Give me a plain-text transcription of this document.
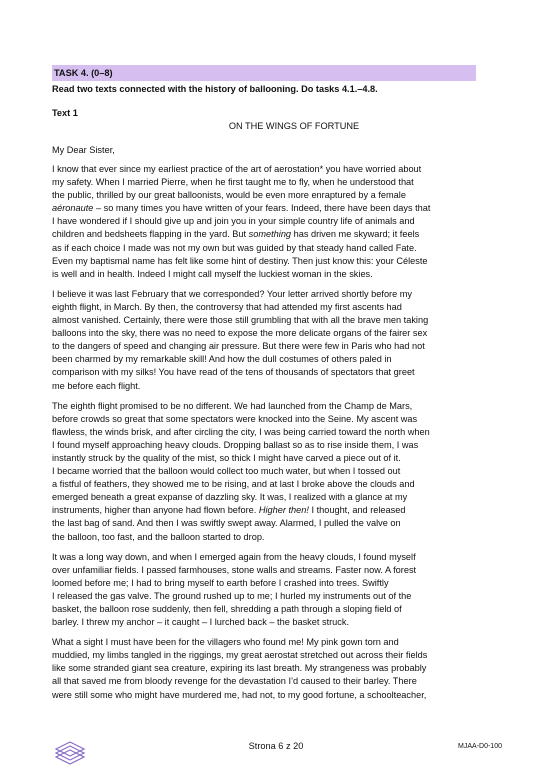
TASK 4. (0–8)
Read two texts connected with the history of ballooning. Do tasks 4.1.–4.8.
Text 1
ON THE WINGS OF FORTUNE
My Dear Sister,
I know that ever since my earliest practice of the art of aerostation* you have worried about
my safety. When I married Pierre, when he first taught me to fly, when he understood that
the public, thrilled by our great balloonists, would be even more enraptured by a female
aéronaute – so many times you have written of your fears. Indeed, there have been days that
I have wondered if I should give up and join you in your simple country life of animals and
children and bedsheets flapping in the yard. But something has driven me skyward; it feels
as if each choice I made was not my own but was guided by that steady hand called Fate.
Even my baptismal name has felt like some hint of destiny. Then just know this: your Céleste
is well and in health. Indeed I might call myself the luckiest woman in the skies.
I believe it was last February that we corresponded? Your letter arrived shortly before my
eighth flight, in March. By then, the controversy that had attended my first ascents had
almost vanished. Certainly, there were those still grumbling that with all the brave men taking
balloons into the sky, there was no need to expose the more delicate organs of the fairer sex
to the dangers of speed and changing air pressure. But there were few in Paris who had not
been charmed by my remarkable skill! And how the dull costumes of others paled in
comparison with my silks! You have read of the tens of thousands of spectators that greet
me before each flight.
The eighth flight promised to be no different. We had launched from the Champ de Mars,
before crowds so great that some spectators were knocked into the Seine. My ascent was
flawless, the winds brisk, and after circling the city, I was being carried toward the north when
I found myself approaching heavy clouds. Dropping ballast so as to rise inside them, I was
instantly struck by the quality of the mist, so thick I might have carved a piece out of it.
I became worried that the balloon would collect too much water, but when I tossed out
a fistful of feathers, they showed me to be rising, and at last I broke above the clouds and
emerged beneath a great expanse of dazzling sky. It was, I realized with a glance at my
instruments, higher than anyone had flown before. Higher then! I thought, and released
the last bag of sand. And then I was swiftly swept away. Alarmed, I pulled the valve on
the balloon, too fast, and the balloon started to drop.
It was a long way down, and when I emerged again from the heavy clouds, I found myself
over unfamiliar fields. I passed farmhouses, stone walls and streams. Faster now. A forest
loomed before me; I had to bring myself to earth before I crashed into trees. Swiftly
I released the gas valve. The ground rushed up to me; I hurled my instruments out of the
basket, the balloon rose suddenly, then fell, shredding a path through a sloping field of
barley. I threw my anchor – it caught – I lurched back – the basket struck.
What a sight I must have been for the villagers who found me! My pink gown torn and
muddied, my limbs tangled in the riggings, my great aerostat stretched out across their fields
like some stranded giant sea creature, expiring its last breath. My strangeness was probably
all that saved me from bloody revenge for the devastation I’d caused to their barley. There
were still some who might have murdered me, had not, to my good fortune, a schoolteacher,
Strona 6 z 20	MJAA-D0-100
